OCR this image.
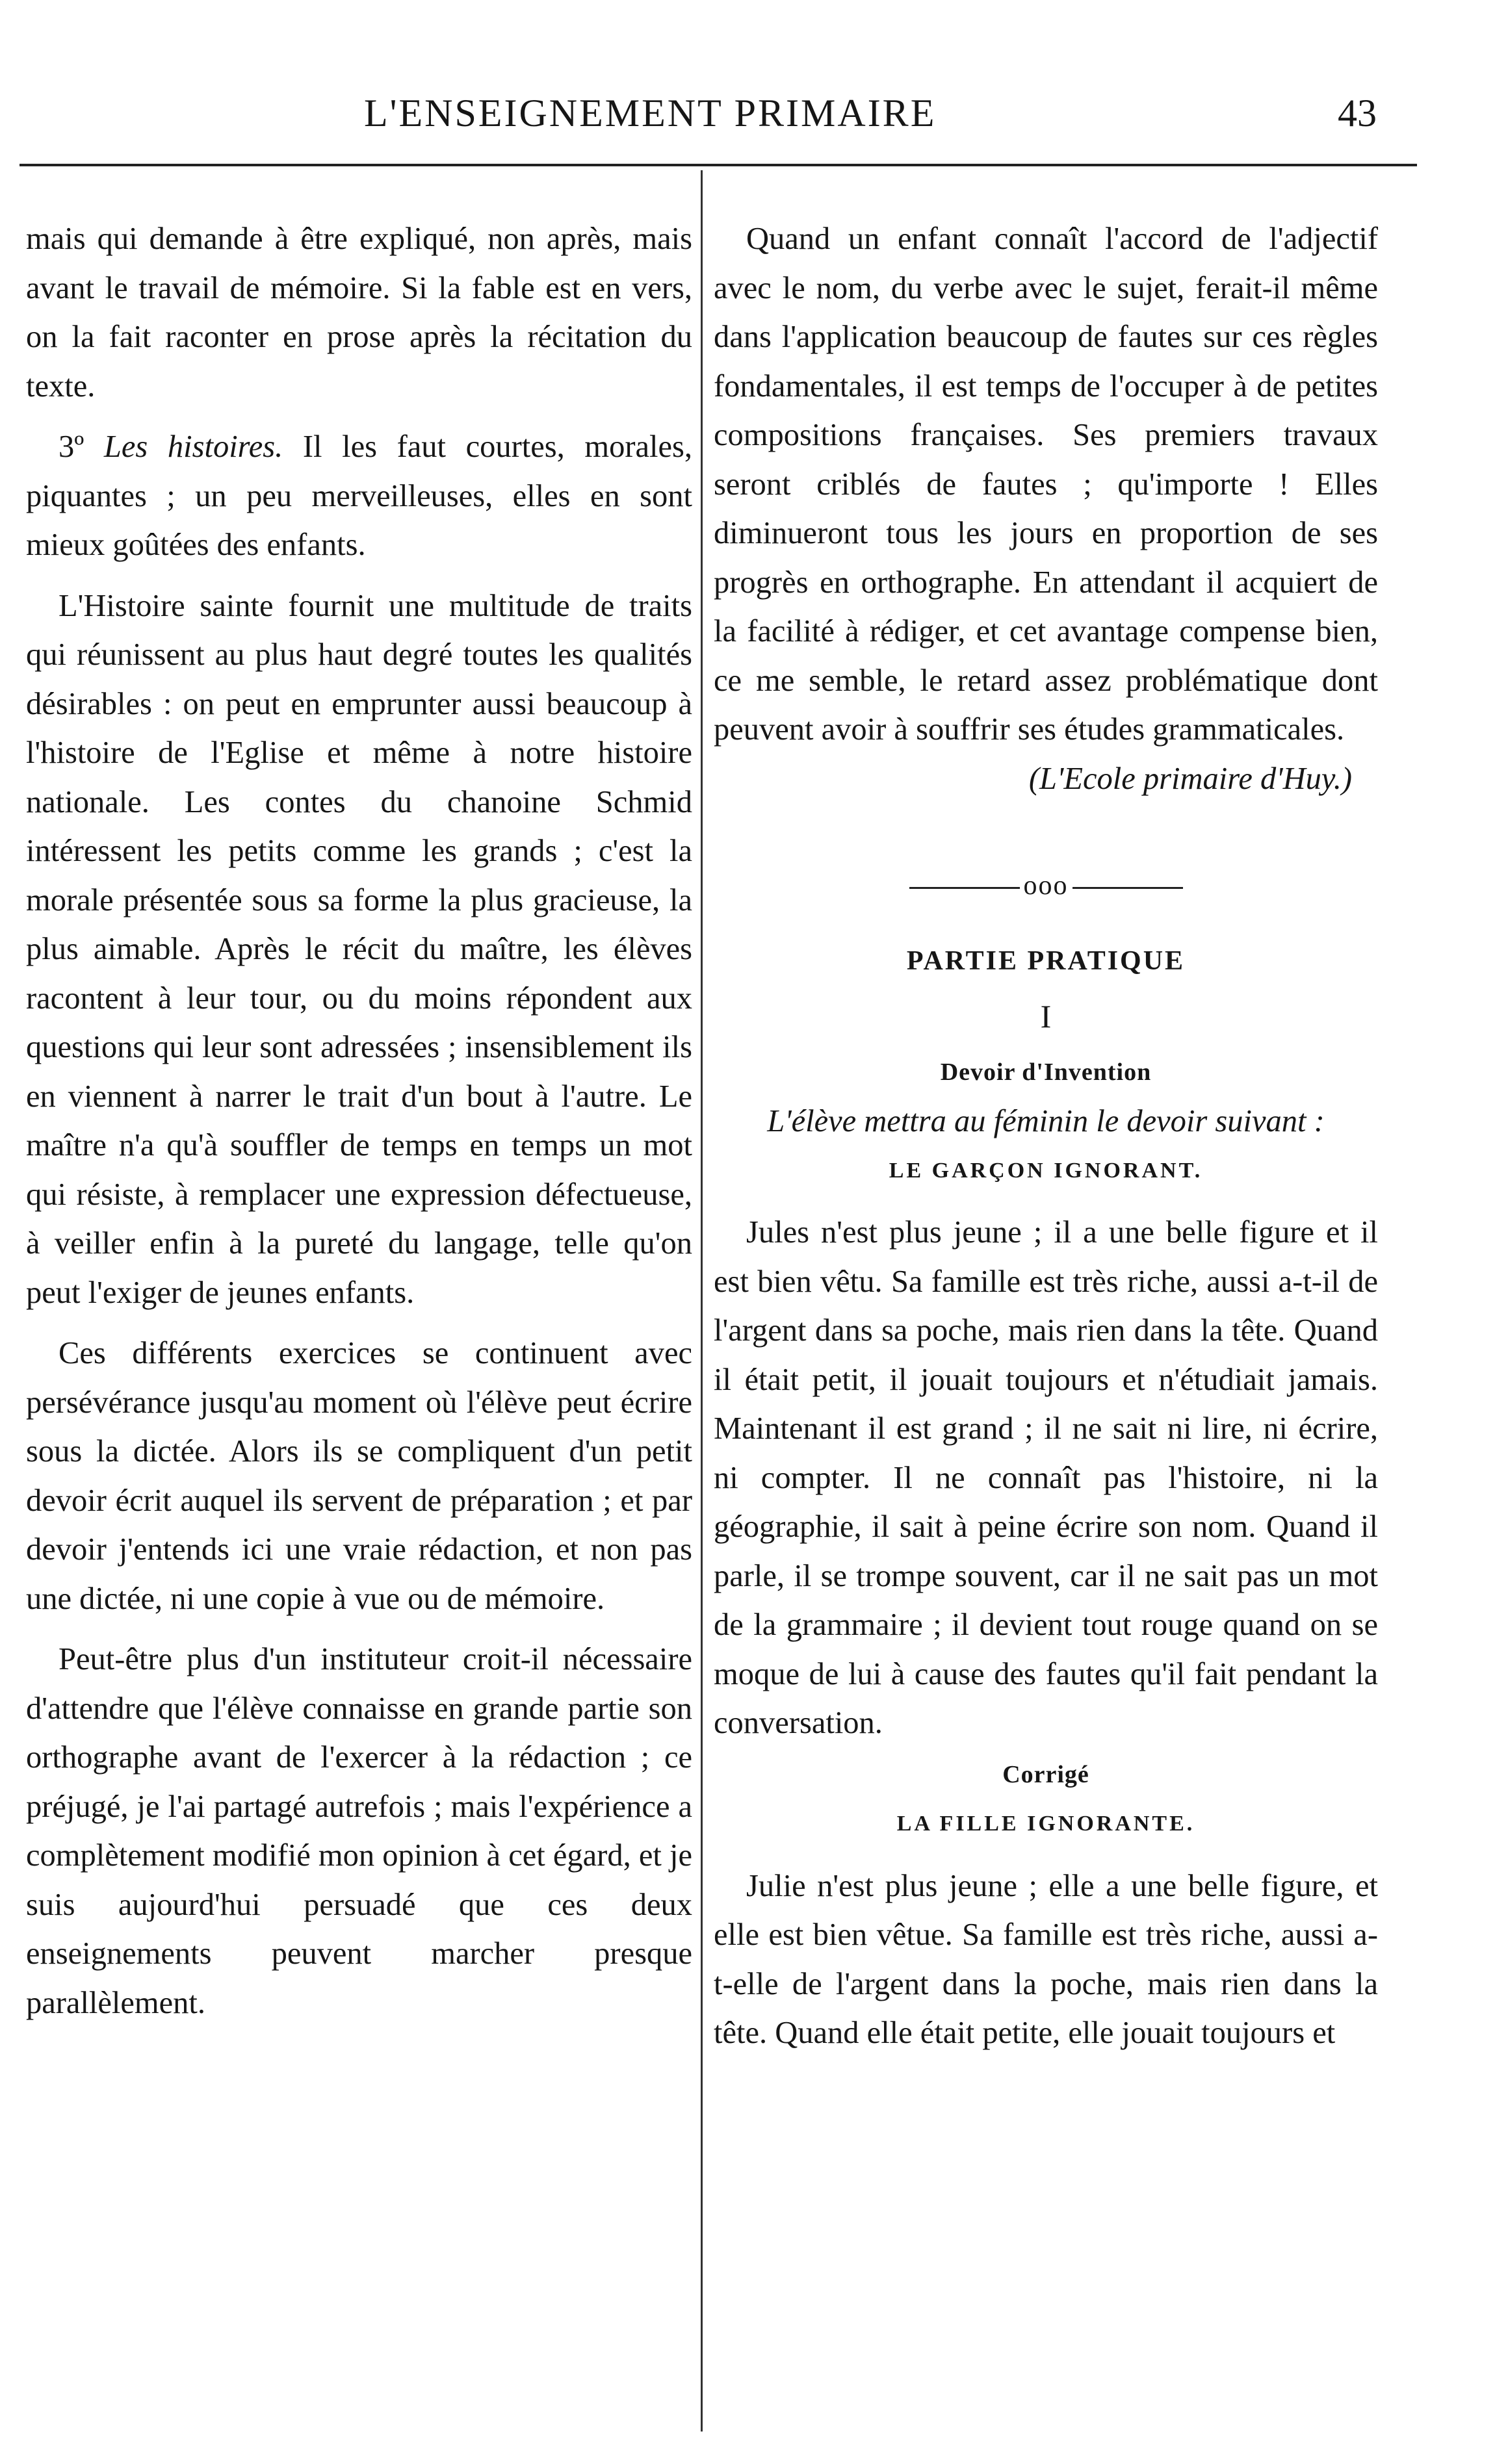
L'ENSEIGNEMENT PRIMAIRE	43

mais qui demande à être expliqué, non après, mais avant le travail de mémoire. Si la fable est en vers, on la fait raconter en prose après la récitation du texte.

3º Les histoires. Il les faut courtes, morales, piquantes ; un peu merveilleuses, elles en sont mieux goûtées des enfants.

L'Histoire sainte fournit une multitude de traits qui réunissent au plus haut degré toutes les qualités désirables : on peut en emprunter aussi beaucoup à l'histoire de l'Eglise et même à notre histoire nationale. Les contes du chanoine Schmid intéressent les petits comme les grands ; c'est la morale présentée sous sa forme la plus gracieuse, la plus aimable. Après le récit du maître, les élèves racontent à leur tour, ou du moins répondent aux questions qui leur sont adressées ; insensiblement ils en viennent à narrer le trait d'un bout à l'autre. Le maître n'a qu'à souffler de temps en temps un mot qui résiste, à remplacer une expression défectueuse, à veiller enfin à la pureté du langage, telle qu'on peut l'exiger de jeunes enfants.

Ces différents exercices se continuent avec persévérance jusqu'au moment où l'élève peut écrire sous la dictée. Alors ils se compliquent d'un petit devoir écrit auquel ils servent de préparation ; et par devoir j'entends ici une vraie rédaction, et non pas une dictée, ni une copie à vue ou de mémoire.

Peut-être plus d'un instituteur croit-il nécessaire d'attendre que l'élève connaisse en grande partie son orthographe avant de l'exercer à la rédaction ; ce préjugé, je l'ai partagé autrefois ; mais l'expérience a complètement modifié mon opinion à cet égard, et je suis aujourd'hui persuadé que ces deux enseignements peuvent marcher presque parallèlement.

Quand un enfant connaît l'accord de l'adjectif avec le nom, du verbe avec le sujet, ferait-il même dans l'application beaucoup de fautes sur ces règles fondamentales, il est temps de l'occuper à de petites compositions françaises. Ses premiers travaux seront criblés de fautes ; qu'importe ! Elles diminueront tous les jours en proportion de ses progrès en orthographe. En attendant il acquiert de la facilité à rédiger, et cet avantage compense bien, ce me semble, le retard assez problématique dont peuvent avoir à souffrir ses études grammaticales.

(L'Ecole primaire d'Huy.)

ooo

PARTIE PRATIQUE

I

Devoir d'Invention

L'élève mettra au féminin le devoir suivant :

LE GARÇON IGNORANT.

Jules n'est plus jeune ; il a une belle figure et il est bien vêtu. Sa famille est très riche, aussi a-t-il de l'argent dans sa poche, mais rien dans la tête. Quand il était petit, il jouait toujours et n'étudiait jamais. Maintenant il est grand ; il ne sait ni lire, ni écrire, ni compter. Il ne connaît pas l'histoire, ni la géographie, il sait à peine écrire son nom. Quand il parle, il se trompe souvent, car il ne sait pas un mot de la grammaire ; il devient tout rouge quand on se moque de lui à cause des fautes qu'il fait pendant la conversation.

Corrigé

LA FILLE IGNORANTE.

Julie n'est plus jeune ; elle a une belle figure, et elle est bien vêtue. Sa famille est très riche, aussi a-t-elle de l'argent dans la poche, mais rien dans la tête. Quand elle était petite, elle jouait toujours et
